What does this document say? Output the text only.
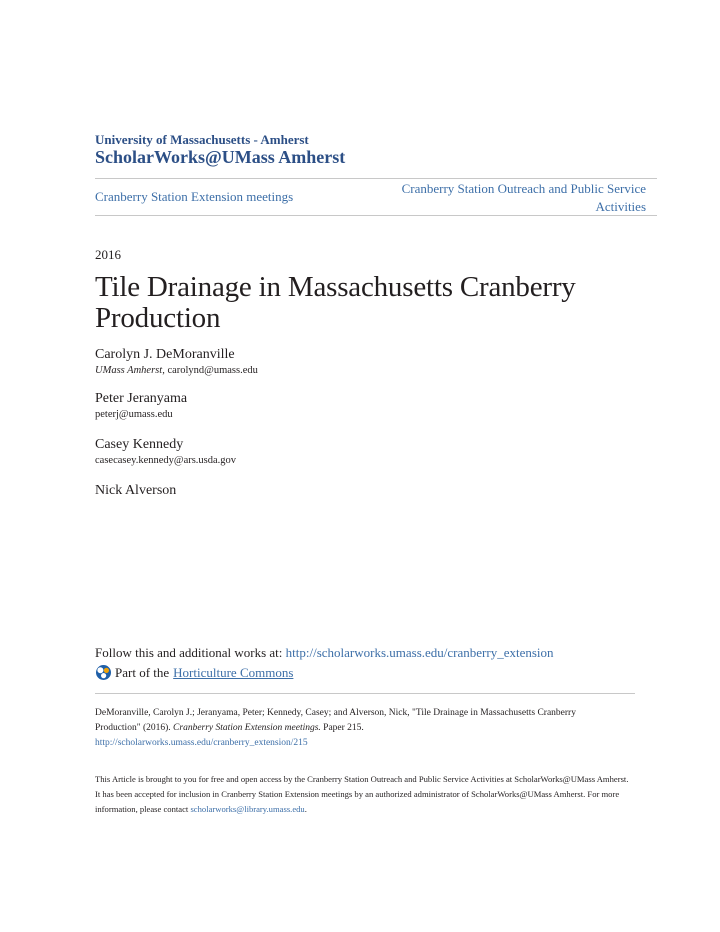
University of Massachusetts - Amherst
ScholarWorks@UMass Amherst
Cranberry Station Extension meetings
Cranberry Station Outreach and Public Service
Activities
2016
Tile Drainage in Massachusetts Cranberry Production
Carolyn J. DeMoranville
UMass Amherst, carolynd@umass.edu
Peter Jeranyama
peterj@umass.edu
Casey Kennedy
casecasey.kennedy@ars.usda.gov
Nick Alverson
Follow this and additional works at: http://scholarworks.umass.edu/cranberry_extension
Part of the Horticulture Commons
DeMoranville, Carolyn J.; Jeranyama, Peter; Kennedy, Casey; and Alverson, Nick, "Tile Drainage in Massachusetts Cranberry Production" (2016). Cranberry Station Extension meetings. Paper 215.
http://scholarworks.umass.edu/cranberry_extension/215
This Article is brought to you for free and open access by the Cranberry Station Outreach and Public Service Activities at ScholarWorks@UMass Amherst. It has been accepted for inclusion in Cranberry Station Extension meetings by an authorized administrator of ScholarWorks@UMass Amherst. For more information, please contact scholarworks@library.umass.edu.
